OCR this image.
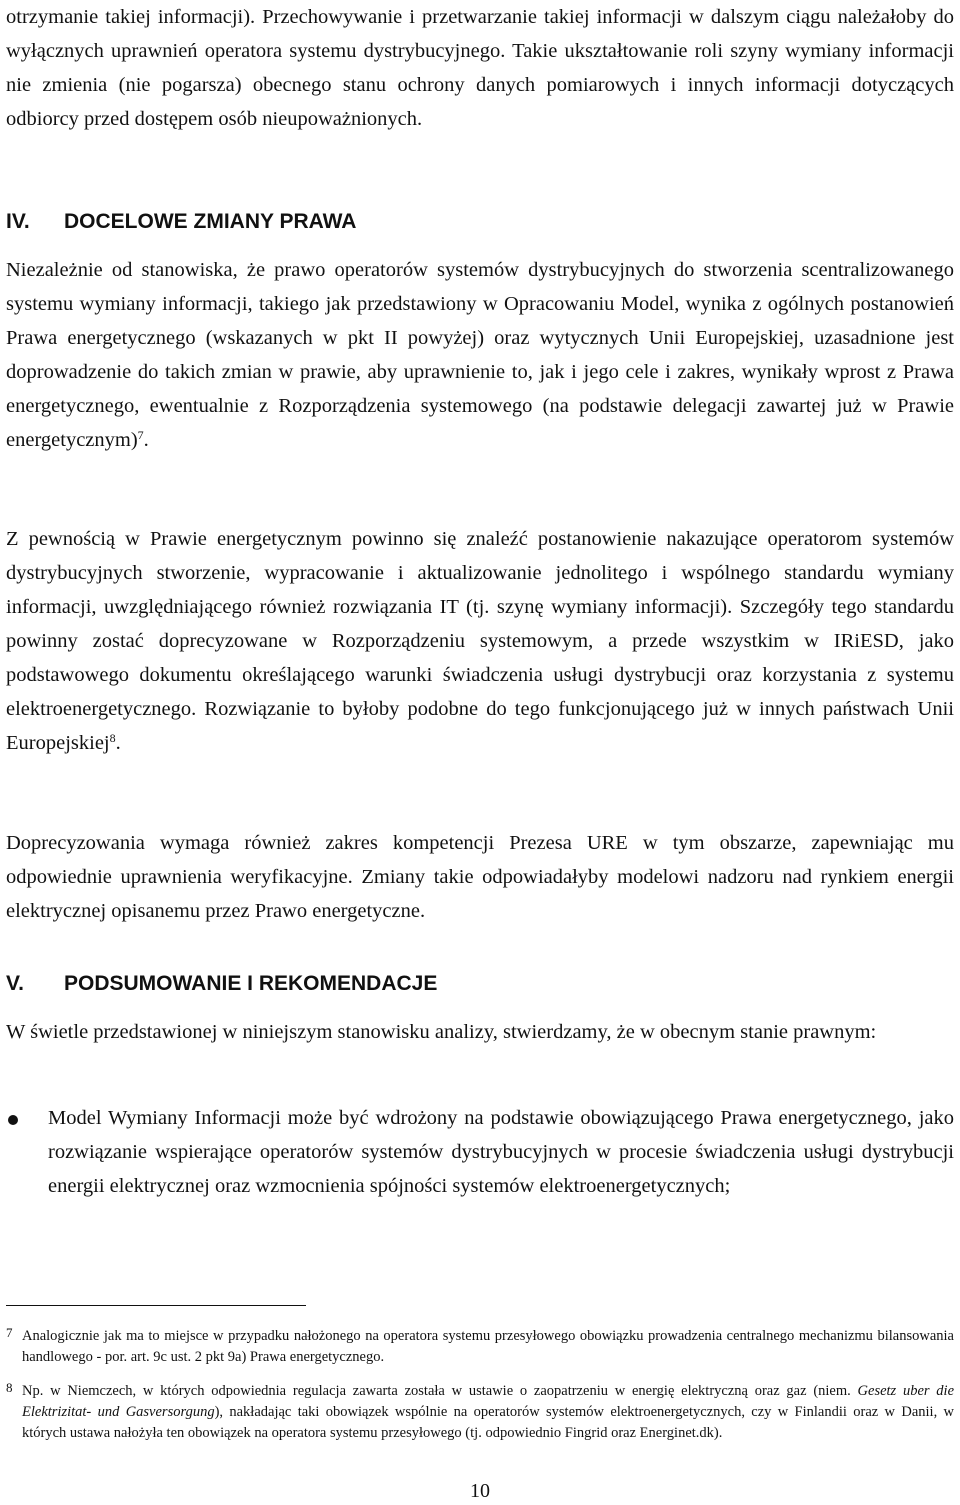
otrzymanie takiej informacji). Przechowywanie i przetwarzanie takiej informacji w dalszym ciągu należałoby do wyłącznych uprawnień operatora systemu dystrybucyjnego. Takie ukształtowanie roli szyny wymiany informacji nie zmienia (nie pogarsza) obecnego stanu ochrony danych pomiarowych i innych informacji dotyczących odbiorcy przed dostępem osób nieupoważnionych.

IV. DOCELOWE ZMIANY PRAWA

Niezależnie od stanowiska, że prawo operatorów systemów dystrybucyjnych do stworzenia scentralizowanego systemu wymiany informacji, takiego jak przedstawiony w Opracowaniu Model, wynika z ogólnych postanowień Prawa energetycznego (wskazanych w pkt II powyżej) oraz wytycznych Unii Europejskiej, uzasadnione jest doprowadzenie do takich zmian w prawie, aby uprawnienie to, jak i jego cele i zakres, wynikały wprost z Prawa energetycznego, ewentualnie z Rozporządzenia systemowego (na podstawie delegacji zawartej już w Prawie energetycznym)$^7$.

Z pewnością w Prawie energetycznym powinno się znaleźć postanowienie nakazujące operatorom systemów dystrybucyjnych stworzenie, wypracowanie i aktualizowanie jednolitego i wspólnego standardu wymiany informacji, uwzględniającego również rozwiązania IT (tj. szynę wymiany informacji). Szczegóły tego standardu powinny zostać doprecyzowane w Rozporządzeniu systemowym, a przede wszystkim w IRiESD, jako podstawowego dokumentu określającego warunki świadczenia usługi dystrybucji oraz korzystania z systemu elektroenergetycznego. Rozwiązanie to byłoby podobne do tego funkcjonującego już w innych państwach Unii Europejskiej$^8$.

Doprecyzowania wymaga również zakres kompetencji Prezesa URE w tym obszarze, zapewniając mu odpowiednie uprawnienia weryfikacyjne. Zmiany takie odpowiadałyby modelowi nadzoru nad rynkiem energii elektrycznej opisanemu przez Prawo energetyczne.

V. PODSUMOWANIE I REKOMENDACJE

W świetle przedstawionej w niniejszym stanowisku analizy, stwierdzamy, że w obecnym stanie prawnym:

Model Wymiany Informacji może być wdrożony na podstawie obowiązującego Prawa energetycznego, jako rozwiązanie wspierające operatorów systemów dystrybucyjnych w procesie świadczenia usługi dystrybucji energii elektrycznej oraz wzmocnienia spójności systemów elektroenergetycznych;
7 Analogicznie jak ma to miejsce w przypadku nałożonego na operatora systemu przesyłowego obowiązku prowadzenia centralnego mechanizmu bilansowania handlowego - por. art. 9c ust. 2 pkt 9a) Prawa energetycznego.
8 Np. w Niemczech, w których odpowiednia regulacja zawarta została w ustawie o zaopatrzeniu w energię elektryczną oraz gaz (niem. Gesetz uber die Elektrizitat- und Gasversorgung), nakładając taki obowiązek wspólnie na operatorów systemów elektroenergetycznych, czy w Finlandii oraz w Danii, w których ustawa nałożyła ten obowiązek na operatora systemu przesyłowego (tj. odpowiednio Fingrid oraz Energinet.dk).
10
